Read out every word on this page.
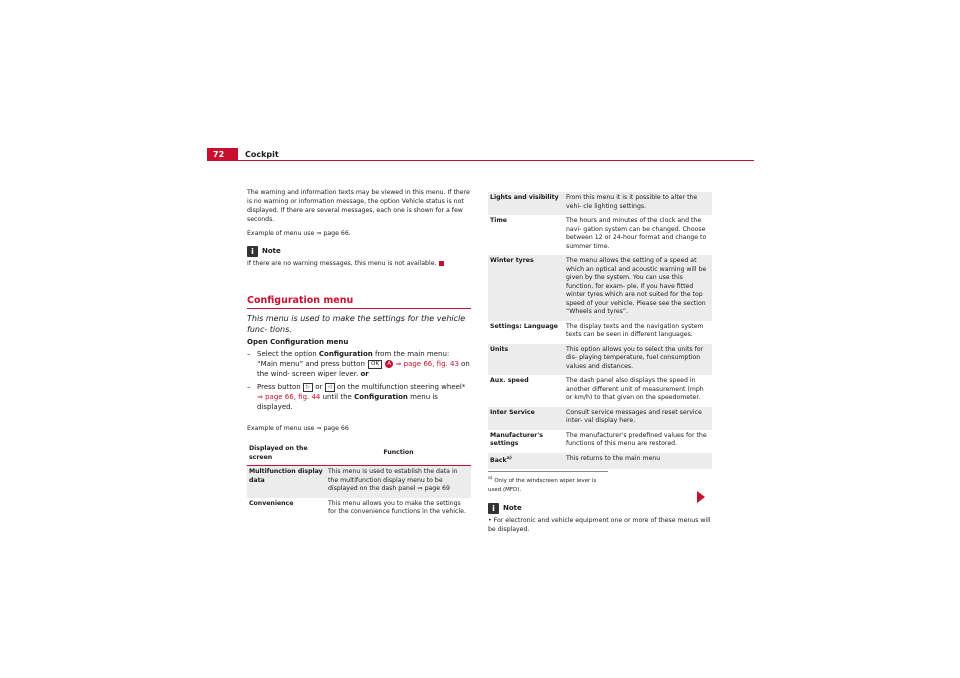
72	Cockpit

The warning and information texts may be viewed in this menu. If there is no warning or information message, the option Vehicle status is not displayed. If there are several messages, each one is shown for a few seconds.

Example of menu use ⇒ page 66.

i	Note

If there are no warning messages, this menu is not available.

Configuration menu
This menu is used to make the settings for the vehicle func- tions.
Open Configuration menu
– Select the option Configuration from the main menu: “Main menu” and press button OK A ⇒ page 66, fig. 43 on the wind- screen wiper lever. or
– Press button ▷ or ◁ on the multifunction steering wheel* ⇒ page 66, fig. 44 until the Configuration menu is displayed.

Example of menu use ⇒ page 66

Displayed on the screen	Function
Multifunction display data	This menu is used to establish the data in the multifunction display menu to be displayed on the dash panel ⇒ page 69
Convenience	This menu allows you to make the settings for the convenience functions in the vehicle.
Lights and visibility	From this menu it is it possible to alter the vehi- cle lighting settings.
Time	The hours and minutes of the clock and the navi- gation system can be changed. Choose between 12 or 24-hour format and change to summer time.
Winter tyres	The menu allows the setting of a speed at which an optical and acoustic warning will be given by the system. You can use this function, for exam- ple, if you have fitted winter tyres which are not suited for the top speed of your vehicle. Please see the section “Wheels and tyres”.
Settings: Language	The display texts and the navigation system texts can be seen in different languages.
Units	This option allows you to select the units for dis- playing temperature, fuel consumption values and distances.
Aux. speed	The dash panel also displays the speed in another different unit of measurement (mph or km/h) to that given on the speedometer.
Inter Service	Consult service messages and reset service inter- val display here.
Manufacturer's settings	The manufacturer's predefined values for the functions of this menu are restored.
Back$^{a)}$	This returns to the main menu
$^{a)}$ Only of the windscreen wiper lever is used (MFD).
i	Note
• For electronic and vehicle equipment one or more of these menus will be displayed.
